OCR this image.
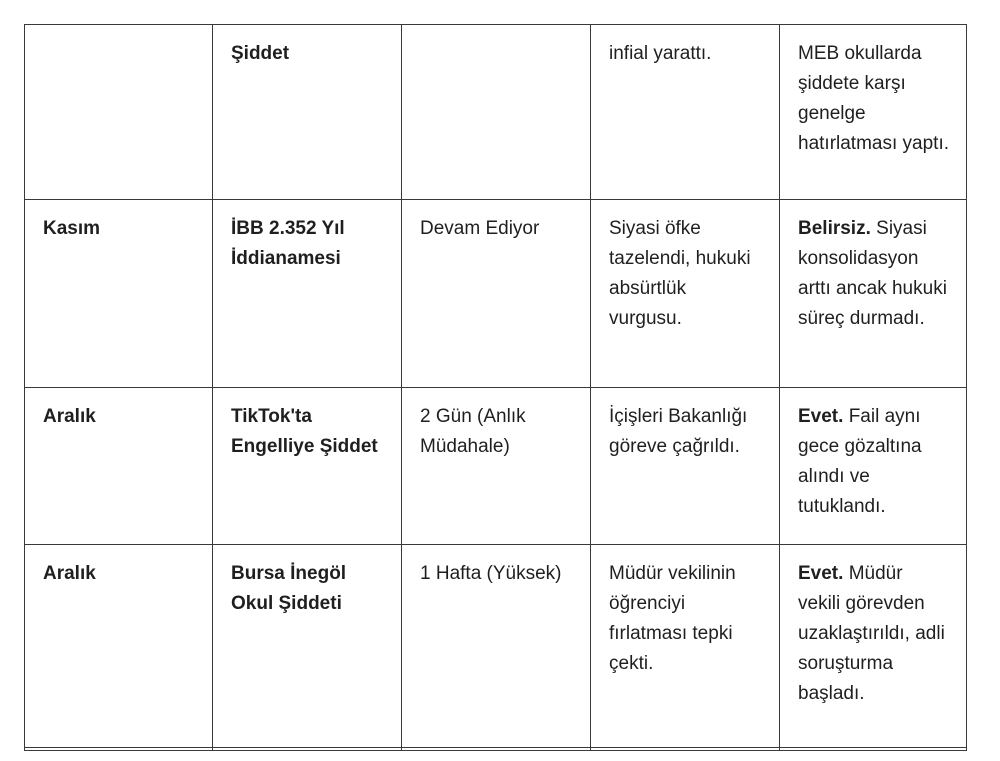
	Şiddet		infial yarattı.	MEB okullarda şiddete karşı genelge hatırlatması yaptı.
Kasım	İBB 2.352 Yıl İddianamesi	Devam Ediyor	Siyasi öfke tazelendi, hukuki absürtlük vurgusu.	Belirsiz. Siyasi konsolidasyon arttı ancak hukuki süreç durmadı.
Aralık	TikTok'ta Engelliye Şiddet	2 Gün (Anlık Müdahale)	İçişleri Bakanlığı göreve çağrıldı.	Evet. Fail aynı gece gözaltına alındı ve tutuklandı.
Aralık	Bursa İnegöl Okul Şiddeti	1 Hafta (Yüksek)	Müdür vekilinin öğrenciyi fırlatması tepki çekti.	Evet. Müdür vekili görevden uzaklaştırıldı, adli soruşturma başladı.
